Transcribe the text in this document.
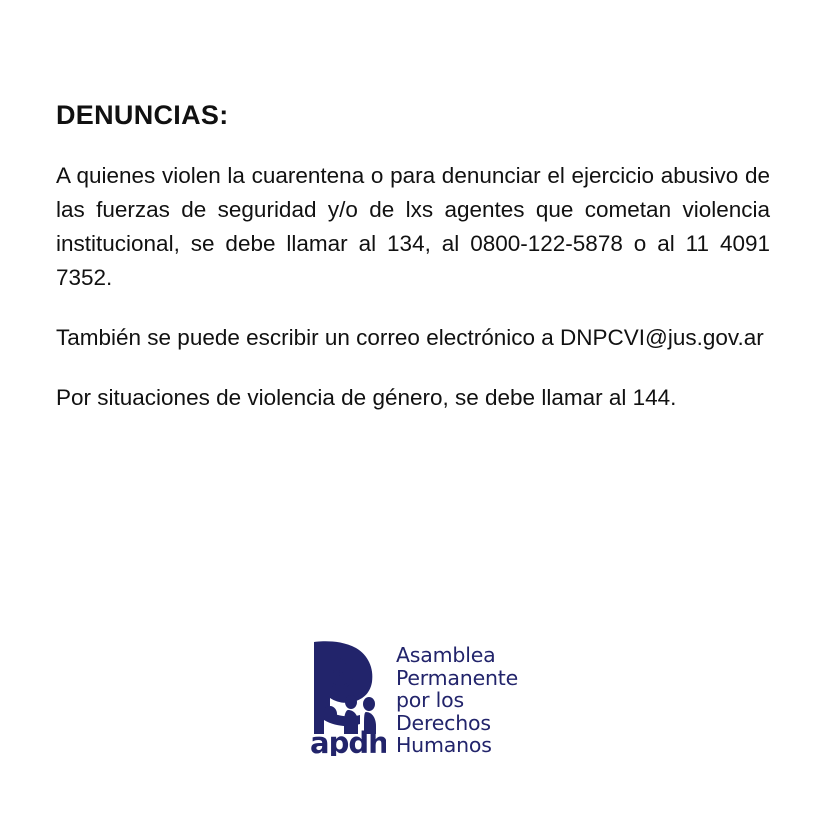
DENUNCIAS:

A quienes violen la cuarentena o para denunciar el ejercicio abusivo de las fuerzas de seguridad y/o de lxs agentes que cometan violencia institucional, se debe llamar al 134, al 0800-122-5878 o al 11 4091 7352.

También se puede escribir un correo electrónico a DNPCVI@jus.gov.ar

Por situaciones de violencia de género, se debe llamar al 144.

apdh
Asamblea
Permanente
por los
Derechos
Humanos
